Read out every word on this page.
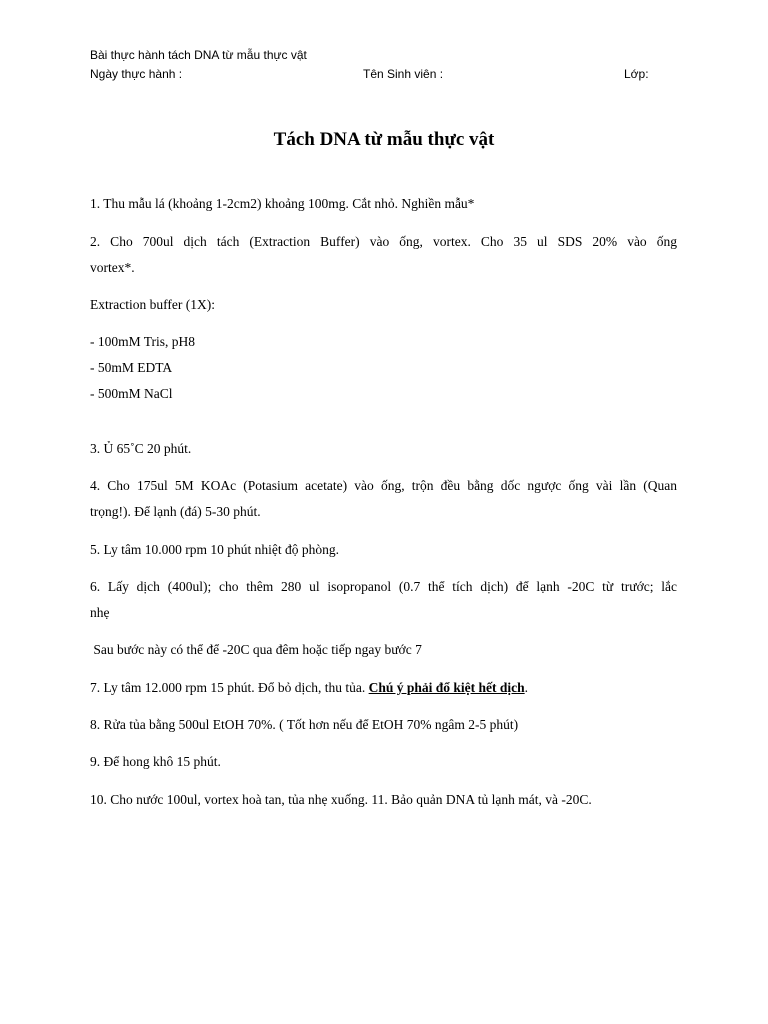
Bài thực hành tách DNA từ mẫu thực vật
Ngày thực hành :	Tên Sinh viên :	Lớp:
Tách DNA từ mẫu thực vật

1. Thu mẫu lá (khoảng 1-2cm2) khoảng 100mg. Cắt nhỏ. Nghiền mẫu*

2. Cho 700ul dịch tách (Extraction Buffer) vào ống, vortex. Cho 35 ul SDS 20% vào ống

vortex*.

Extraction buffer (1X):

- 100mM Tris, pH8

- 50mM EDTA

- 500mM NaCl

3. Ủ 65˚C 20 phút.

4. Cho 175ul 5M KOAc (Potasium acetate) vào ống, trộn đều bằng dốc ngược ống vài lần (Quan

trọng!). Để lạnh (đá) 5-30 phút.

5. Ly tâm 10.000 rpm 10 phút nhiệt độ phòng.

6. Lấy dịch (400ul); cho thêm 280 ul isopropanol (0.7 thể tích dịch) để lạnh -20C từ trước; lắc

nhẹ

Sau bước này có thể để -20C qua đêm hoặc tiếp ngay bước 7

7. Ly tâm 12.000 rpm 15 phút. Đổ bỏ dịch, thu tủa. Chú ý phải đổ kiệt hết dịch.

8. Rửa tủa bằng 500ul EtOH 70%. ( Tốt hơn nếu để EtOH 70% ngâm 2-5 phút)

9. Để hong khô 15 phút.

10. Cho nước 100ul, vortex hoà tan, tủa nhẹ xuống. 11. Bảo quản DNA tủ lạnh mát, và -20C.
